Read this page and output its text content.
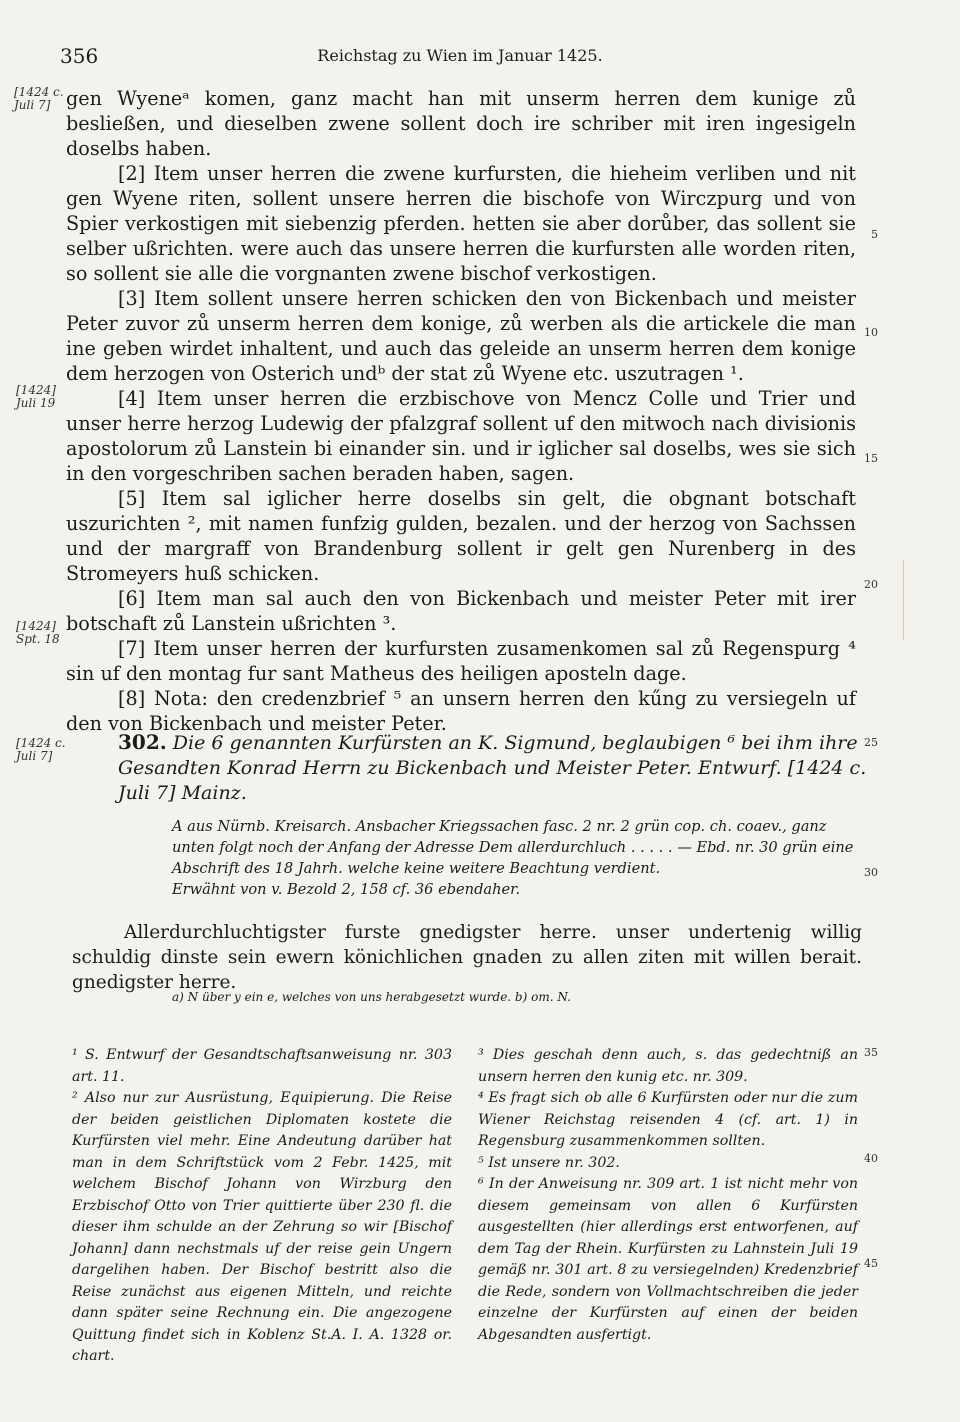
356	Reichstag zu Wien im Januar 1425.
[1424 c. Juli 7]
[1424] Juli 19
[1424] Spt. 18
[1424 c. Juli 7]
5
10
15
20
25
30
35
40
45

gen Wyeneᵃ komen, ganz macht han mit unserm herren dem kunige zů besließen, und dieselben zwene sollent doch ire schriber mit iren ingesigeln doselbs haben.

[2] Item unser herren die zwene kurfursten, die hieheim verliben und nit gen Wyene riten, sollent unsere herren die bischofe von Wirczpurg und von Spier verkostigen mit siebenzig pferden. hetten sie aber dorůber, das sollent sie selber ußrichten. were auch das unsere herren die kurfursten alle worden riten, so sollent sie alle die vorgnanten zwene bischof verkostigen.

[3] Item sollent unsere herren schicken den von Bickenbach und meister Peter zuvor zů unserm herren dem konige, zů werben als die artickele die man ine geben wirdet inhaltent, und auch das geleide an unserm herren dem konige dem herzogen von Osterich undᵇ der stat zů Wyene etc. uszutragen ¹.

[4] Item unser herren die erzbischove von Mencz Colle und Trier und unser herre herzog Ludewig der pfalzgraf sollent uf den mitwoch nach divisionis apostolorum zů Lanstein bi einander sin. und ir iglicher sal doselbs, wes sie sich in den vorgeschriben sachen beraden haben, sagen.

[5] Item sal iglicher herre doselbs sin gelt, die obgnant botschaft uszurichten ², mit namen funfzig gulden, bezalen. und der herzog von Sachssen und der margraff von Brandenburg sollent ir gelt gen Nurenberg in des Stromeyers huß schicken.

[6] Item man sal auch den von Bickenbach und meister Peter mit irer botschaft zů Lanstein ußrichten ³.

[7] Item unser herren der kurfursten zusamenkomen sal zů Regenspurg ⁴ sin uf den montag fur sant Matheus des heiligen aposteln dage.

[8] Nota: den credenzbrief ⁵ an unsern herren den kűng zu versiegeln uf den von Bickenbach und meister Peter.

302. Die 6 genannten Kurfürsten an K. Sigmund, beglaubigen ⁶ bei ihm ihre Gesandten Konrad Herrn zu Bickenbach und Meister Peter. Entwurf. [1424 c. Juli 7] Mainz.

A aus Nürnb. Kreisarch. Ansbacher Kriegssachen fasc. 2 nr. 2 grün cop. ch. coaev., ganz unten folgt noch der Anfang der Adresse Dem allerdurchluch . . . . . — Ebd. nr. 30 grün eine Abschrift des 18 Jahrh. welche keine weitere Beachtung verdient.

Erwähnt von v. Bezold 2, 158 cf. 36 ebendaher.

Allerdurchluchtigster furste gnedigster herre. unser undertenig willig schuldig dinste sein ewern könichlichen gnaden zu allen ziten mit willen berait. gnedigster herre.

a) N über y ein e, welches von uns herabgesetzt wurde. b) om. N.

¹ S. Entwurf der Gesandtschaftsanweisung nr. 303 art. 11.

² Also nur zur Ausrüstung, Equipierung. Die Reise der beiden geistlichen Diplomaten kostete die Kurfürsten viel mehr. Eine Andeutung darüber hat man in dem Schriftstück vom 2 Febr. 1425, mit welchem Bischof Johann von Wirzburg den Erzbischof Otto von Trier quittierte über 230 fl. die dieser ihm schulde an der Zehrung so wir [Bischof Johann] dann nechstmals uf der reise gein Ungern dargelihen haben. Der Bischof bestritt also die Reise zunächst aus eigenen Mitteln, und reichte dann später seine Rechnung ein. Die angezogene Quittung findet sich in Koblenz St.A. I. A. 1328 or. chart.

³ Dies geschah denn auch, s. das gedechtniß an unsern herren den kunig etc. nr. 309.

⁴ Es fragt sich ob alle 6 Kurfürsten oder nur die zum Wiener Reichstag reisenden 4 (cf. art. 1) in Regensburg zusammenkommen sollten.

⁵ Ist unsere nr. 302.

⁶ In der Anweisung nr. 309 art. 1 ist nicht mehr von diesem gemeinsam von allen 6 Kurfürsten ausgestellten (hier allerdings erst entworfenen, auf dem Tag der Rhein. Kurfürsten zu Lahnstein Juli 19 gemäß nr. 301 art. 8 zu versiegelnden) Kredenzbrief die Rede, sondern von Vollmachtschreiben die jeder einzelne der Kurfürsten auf einen der beiden Abgesandten ausfertigt.
